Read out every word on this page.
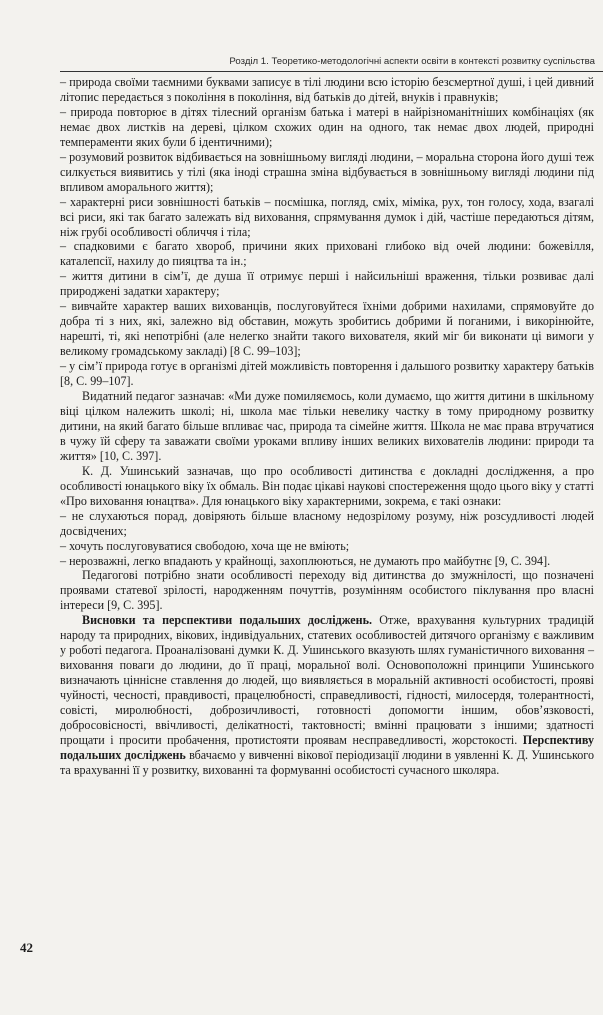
Розділ 1. Теоретико-методологічні аспекти освіти в контексті розвитку суспільства

– природа своїми таємними буквами записує в тілі людини всю історію безсмертної душі, і цей дивний літопис передається з покоління в покоління, від батьків до дітей, внуків і правнуків;

– природа повторює в дітях тілесний організм батька і матері в найрізноманітніших комбінаціях (як немає двох листків на дереві, цілком схожих один на одного, так немає двох людей, природні темпераменти яких були б ідентичними);

– розумовий розвиток відбивається на зовнішньому вигляді людини, – моральна сторона його душі теж силкується виявитись у тілі (яка іноді страшна зміна відбувається в зовнішньому вигляді людини під впливом аморального життя);

– характерні риси зовнішності батьків – посмішка, погляд, сміх, міміка, рух, тон голосу, хода, взагалі всі риси, які так багато залежать від виховання, спрямування думок і дій, частіше передаються дітям, ніж грубі особливості обличчя і тіла;

– спадковими є багато хвороб, причини яких приховані глибоко від очей людини: божевілля, каталепсії, нахилу до пияцтва та ін.;

– життя дитини в сім’ї, де душа її отримує перші і найсильніші враження, тільки розвиває далі природжені задатки характеру;

– вивчайте характер ваших вихованців, послуговуйтеся їхніми добрими нахилами, спрямовуйте до добра ті з них, які, залежно від обставин, можуть зробитись добрими й поганими, і викорінюйте, нарешті, ті, які непотрібні (але нелегко знайти такого вихователя, який міг би виконати ці вимоги у великому громадському закладі) [8 С. 99–103];

– у сім’ї природа готує в організмі дітей можливість повторення і дальшого розвитку характеру батьків [8, С. 99–107].

Видатний педагог зазначав: «Ми дуже помиляємось, коли думаємо, що життя дитини в шкільному віці цілком належить школі; ні, школа має тільки невелику частку в тому природному розвитку дитини, на який багато більше впливає час, природа та сімейне життя. Школа не має права втручатися в чужу їй сферу та заважати своїми уроками впливу інших великих вихователів людини: природи та життя» [10, С. 397].

К. Д. Ушинський зазначав, що про особливості дитинства є докладні дослідження, а про особливості юнацького віку їх обмаль. Він подає цікаві наукові спостереження щодо цього віку у статті «Про виховання юнацтва». Для юнацького віку характерними, зокрема, є такі ознаки:

– не слухаються порад, довіряють більше власному недозрілому розуму, ніж розсудливості людей досвідчених;

– хочуть послуговуватися свободою, хоча ще не вміють;

– нерозважні, легко впадають у крайнощі, захоплюються, не думають про майбутнє [9, С. 394].

Педагогові потрібно знати особливості переходу від дитинства до змужнілості, що позначені проявами статевої зрілості, народженням почуттів, розумінням особистого піклування про власні інтереси [9, С. 395].

Висновки та перспективи подальших досліджень. Отже, врахування культурних традицій народу та природних, вікових, індивідуальних, статевих особливостей дитячого організму є важливим у роботі педагога. Проаналізовані думки К. Д. Ушинського вказують шлях гуманістичного виховання – виховання поваги до людини, до її праці, моральної волі. Основоположні принципи Ушинського визначають ціннісне ставлення до людей, що виявляється в моральній активності особистості, прояві чуйності, чесності, правдивості, працелюбності, справедливості, гідності, милосердя, толерантності, совісті, миролюбності, доброзичливості, готовності допомогти іншим, обов’язковості, добросовісності, ввічливості, делікатності, тактовності; вмінні працювати з іншими; здатності прощати і просити пробачення, протистояти проявам несправедливості, жорстокості. Перспективу подальших досліджень вбачаємо у вивченні вікової періодизації людини в уявленні К. Д. Ушинського та врахуванні її у розвитку, вихованні та формуванні особистості сучасного школяра.

42
